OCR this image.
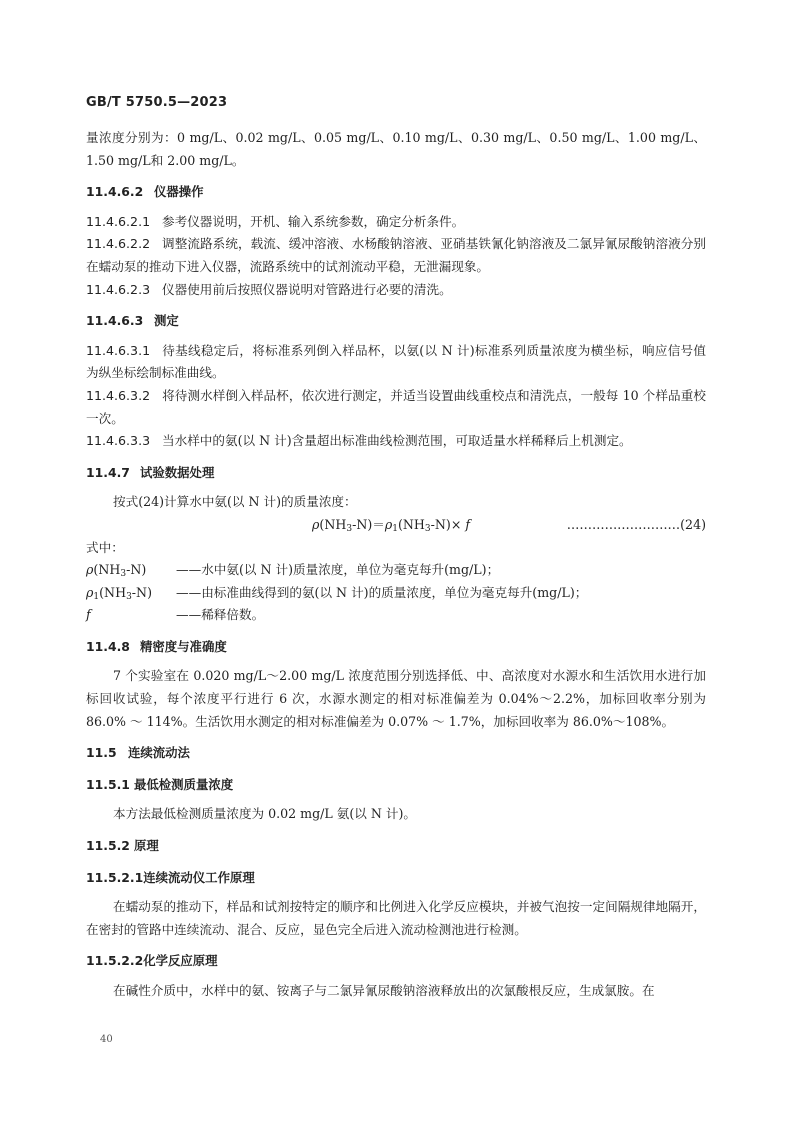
GB/T 5750.5—2023

量浓度分别为：0 mg/L、0.02 mg/L、0.05 mg/L、0.10 mg/L、0.30 mg/L、0.50 mg/L、1.00 mg/L、1.50 mg/L和 2.00 mg/L。

11.4.6.2 仪器操作

11.4.6.2.1 参考仪器说明，开机、输入系统参数，确定分析条件。

11.4.6.2.2 调整流路系统，载流、缓冲溶液、水杨酸钠溶液、亚硝基铁氰化钠溶液及二氯异氰尿酸钠溶液分别在蠕动泵的推动下进入仪器，流路系统中的试剂流动平稳，无泄漏现象。

11.4.6.2.3 仪器使用前后按照仪器说明对管路进行必要的清洗。

11.4.6.3 测定

11.4.6.3.1 待基线稳定后，将标准系列倒入样品杯，以氨(以 N 计)标准系列质量浓度为横坐标，响应信号值为纵坐标绘制标准曲线。

11.4.6.3.2 将待测水样倒入样品杯，依次进行测定，并适当设置曲线重校点和清洗点，一般每 10 个样品重校一次。

11.4.6.3.3 当水样中的氨(以 N 计)含量超出标准曲线检测范围，可取适量水样稀释后上机测定。

11.4.7 试验数据处理

按式(24)计算水中氨(以 N 计)的质量浓度：

$\rho(NH_3-N)=\rho_1(NH_3-N)\times f$	………………………(24)

式中：

$\rho(NH_3-N)$	——水中氨(以 N 计)质量浓度，单位为毫克每升(mg/L)；
$\rho_1(NH_3-N)$	——由标准曲线得到的氨(以 N 计)的质量浓度，单位为毫克每升(mg/L)；
f	——稀释倍数。

11.4.8 精密度与准确度

7 个实验室在 0.020 mg/L～2.00 mg/L 浓度范围分别选择低、中、高浓度对水源水和生活饮用水进行加标回收试验，每个浓度平行进行 6 次，水源水测定的相对标准偏差为 0.04%～2.2%，加标回收率分别为 86.0% ～ 114%。生活饮用水测定的相对标准偏差为 0.07% ～ 1.7%，加标回收率为 86.0%～108%。

11.5 连续流动法

11.5.1 最低检测质量浓度

本方法最低检测质量浓度为 0.02 mg/L 氨(以 N 计)。

11.5.2 原理

11.5.2.1连续流动仪工作原理

在蠕动泵的推动下，样品和试剂按特定的顺序和比例进入化学反应模块，并被气泡按一定间隔规律地隔开，在密封的管路中连续流动、混合、反应，显色完全后进入流动检测池进行检测。

11.5.2.2化学反应原理

在碱性介质中，水样中的氨、铵离子与二氯异氰尿酸钠溶液释放出的次氯酸根反应，生成氯胺。在

40
